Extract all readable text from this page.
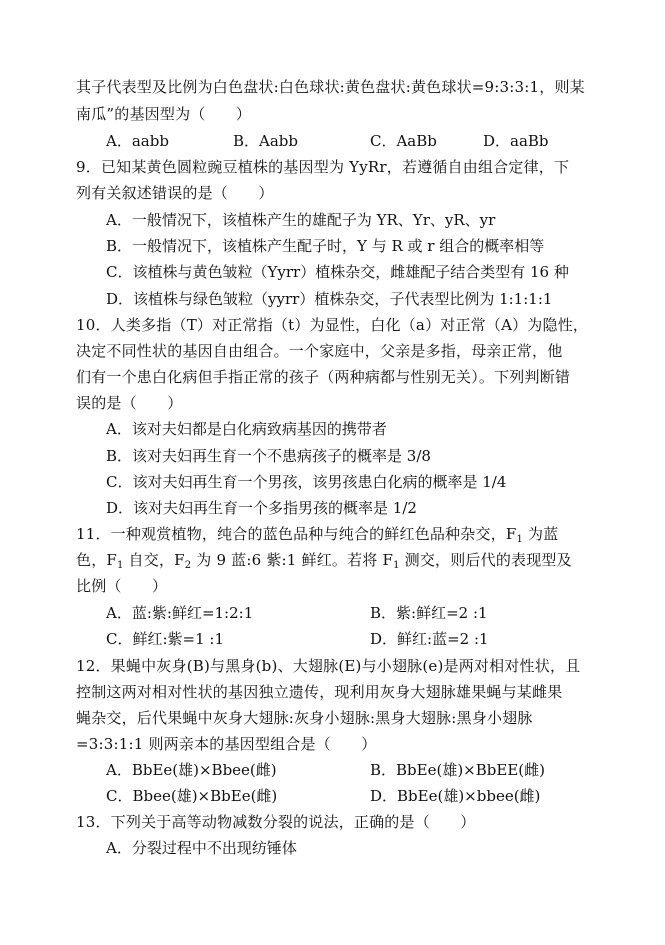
其子代表型及比例为白色盘状:白色球状:黄色盘状:黄色球状=9:3:3:1，则某
南瓜”的基因型为（　　）
A．aabb	B．Aabb	C．AaBb	D．aaBb
9．已知某黄色圆粒豌豆植株的基因型为 YyRr，若遵循自由组合定律，下
列有关叙述错误的是（　　）
A．一般情况下，该植株产生的雄配子为 YR、Yr、yR、yr
B．一般情况下，该植株产生配子时，Y 与 R 或 r 组合的概率相等
C．该植株与黄色皱粒（Yyrr）植株杂交，雌雄配子结合类型有 16 种
D．该植株与绿色皱粒（yyrr）植株杂交，子代表型比例为 1:1:1:1
10．人类多指（T）对正常指（t）为显性，白化（a）对正常（A）为隐性，
决定不同性状的基因自由组合。一个家庭中，父亲是多指，母亲正常，他
们有一个患白化病但手指正常的孩子（两种病都与性别无关）。下列判断错
误的是（　　）
A．该对夫妇都是白化病致病基因的携带者
B．该对夫妇再生育一个不患病孩子的概率是 3/8
C．该对夫妇再生育一个男孩，该男孩患白化病的概率是 1/4
D．该对夫妇再生育一个多指男孩的概率是 1/2
11．一种观赏植物，纯合的蓝色品种与纯合的鲜红色品种杂交，$F_1$ 为蓝
色，$F_1$ 自交，$F_2$ 为 9 蓝:6 紫:1 鲜红。若将 $F_1$ 测交，则后代的表现型及
比例（　　）
A．蓝:紫:鲜红=1:2:1	B．紫:鲜红=2 :1
C．鲜红:紫=1 :1	D．鲜红:蓝=2 :1
12．果蝇中灰身(B)与黑身(b)、大翅脉(E)与小翅脉(e)是两对相对性状，且
控制这两对相对性状的基因独立遗传，现利用灰身大翅脉雄果蝇与某雌果
蝇杂交，后代果蝇中灰身大翅脉:灰身小翅脉:黑身大翅脉:黑身小翅脉
=3:3:1:1 则两亲本的基因型组合是（　　）
A．BbEe(雄)×Bbee(雌)	B．BbEe(雄)×BbEE(雌)
C．Bbee(雄)×BbEe(雌)	D．BbEe(雄)×bbee(雌)
13．下列关于高等动物减数分裂的说法，正确的是（　　）
A．分裂过程中不出现纺锤体
